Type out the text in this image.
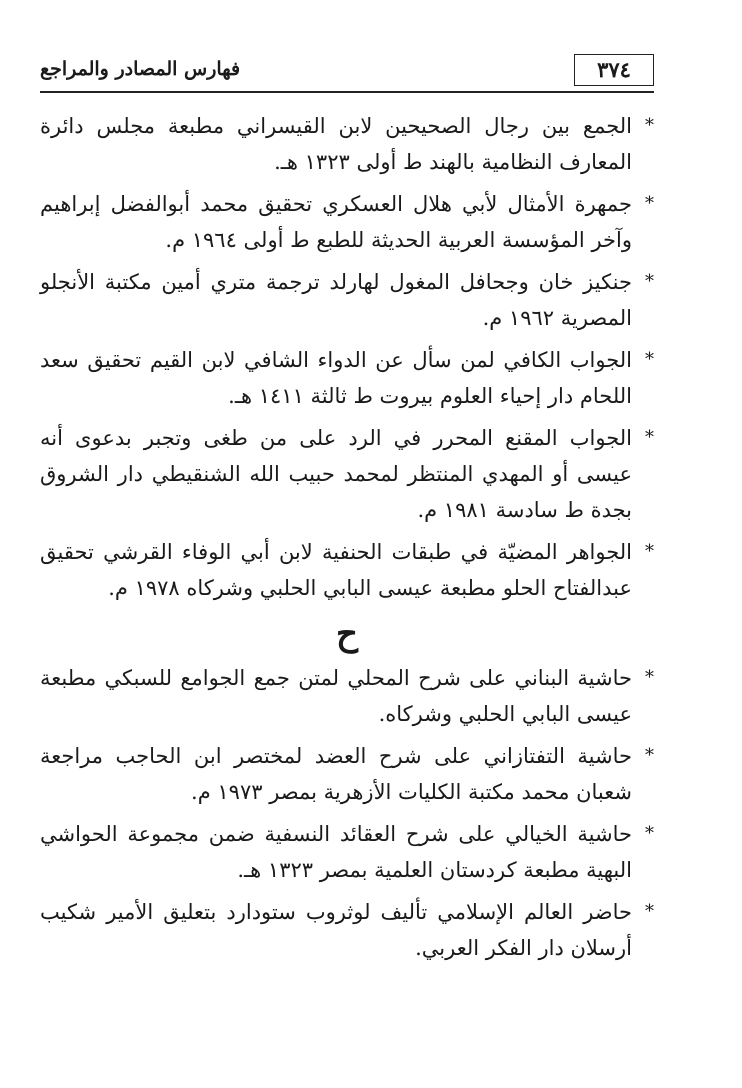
٣٧٤
فهارس المصادر والمراجع
*
الجمع بين رجال الصحيحين لابن القيسراني مطبعة مجلس دائرة المعارف النظامية بالهند ط أولى ١٣٢٣ هـ.
*
جمهرة الأمثال لأبي هلال العسكري تحقيق محمد أبوالفضل إبراهيم وآخر المؤسسة العربية الحديثة للطبع ط أولى ١٩٦٤ م.
*
جنكيز خان وجحافل المغول لهارلد ترجمة متري أمين مكتبة الأنجلو المصرية ١٩٦٢ م.
*
الجواب الكافي لمن سأل عن الدواء الشافي لابن القيم تحقيق سعد اللحام دار إحياء العلوم بيروت ط ثالثة ١٤١١ هـ.
*
الجواب المقنع المحرر في الرد على من طغى وتجبر بدعوى أنه عيسى أو المهدي المنتظر لمحمد حبيب الله الشنقيطي دار الشروق بجدة ط سادسة ١٩٨١ م.
*
الجواهر المضيّة في طبقات الحنفية لابن أبي الوفاء القرشي تحقيق عبدالفتاح الحلو مطبعة عيسى البابي الحلبي وشركاه ١٩٧٨ م.
ح
*
حاشية البناني على شرح المحلي لمتن جمع الجوامع للسبكي مطبعة عيسى البابي الحلبي وشركاه.
*
حاشية التفتازاني على شرح العضد لمختصر ابن الحاجب مراجعة شعبان محمد مكتبة الكليات الأزهرية بمصر ١٩٧٣ م.
*
حاشية الخيالي على شرح العقائد النسفية ضمن مجموعة الحواشي البهية مطبعة كردستان العلمية بمصر ١٣٢٣ هـ.
*
حاضر العالم الإسلامي تأليف لوثروب ستودارد بتعليق الأمير شكيب أرسلان دار الفكر العربي.
